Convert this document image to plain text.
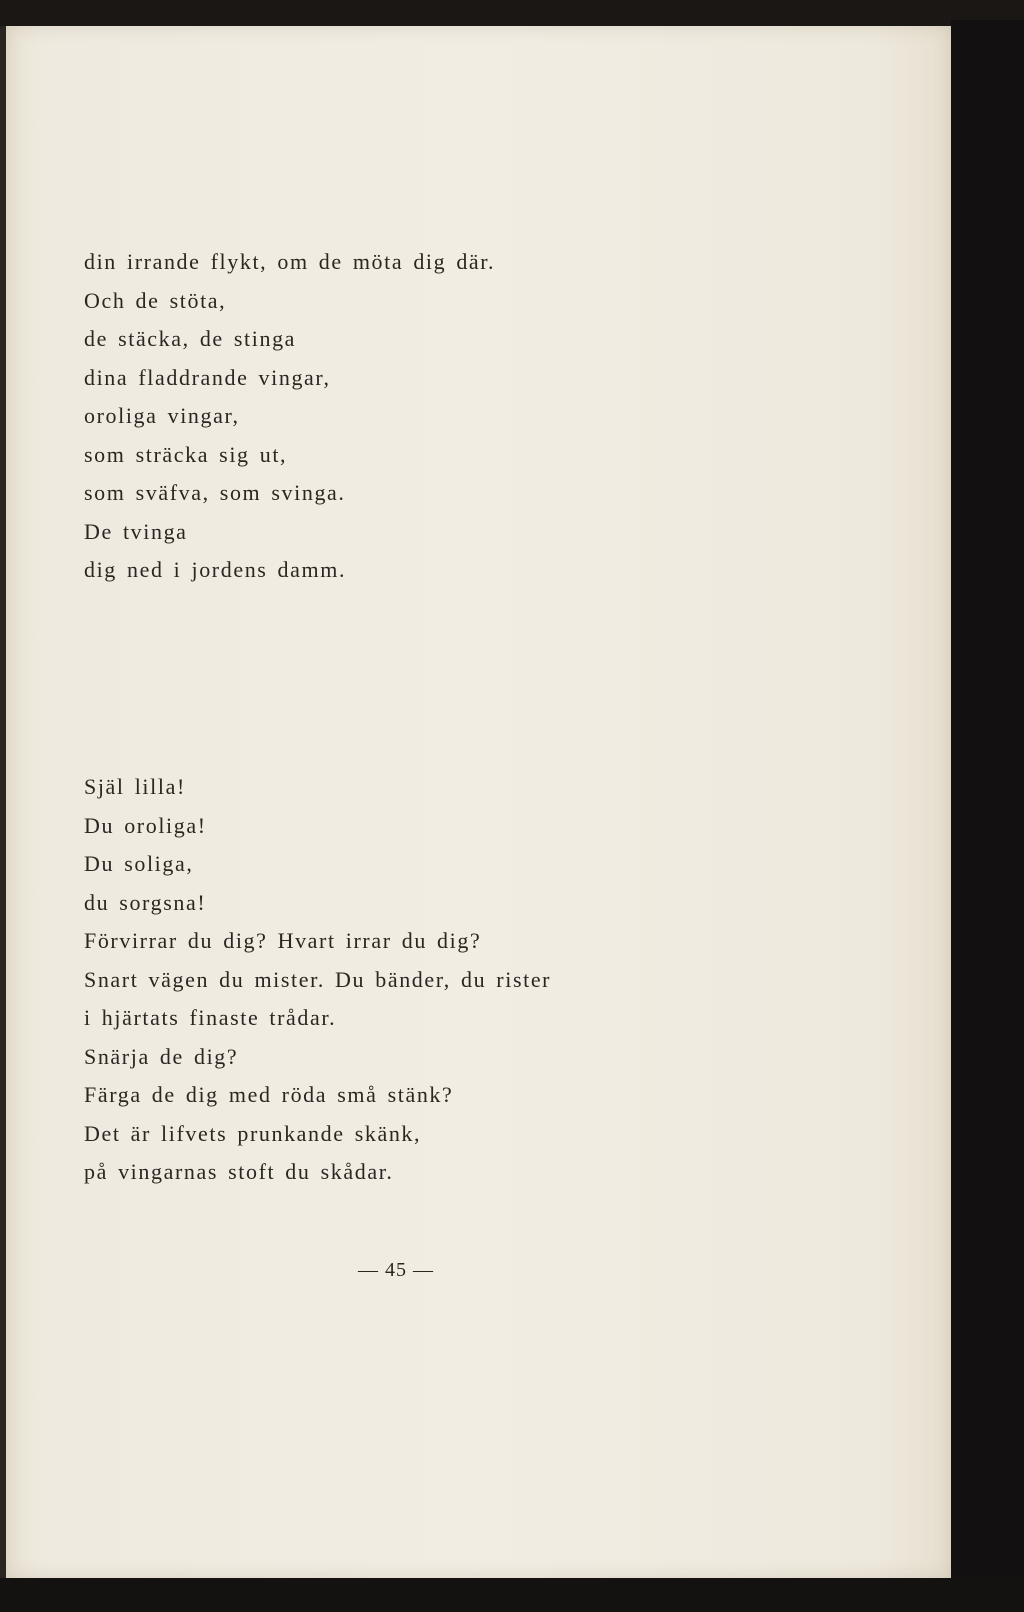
din irrande flykt, om de möta dig där.
Och de stöta,
de stäcka, de stinga
dina fladdrande vingar,
oroliga vingar,
som sträcka sig ut,
som sväfva, som svinga.
De tvinga
dig ned i jordens damm.
Själ lilla!
Du oroliga!
Du soliga,
du sorgsna!
Förvirrar du dig? Hvart irrar du dig?
Snart vägen du mister. Du bänder, du rister
i hjärtats finaste trådar.
Snärja de dig?
Färga de dig med röda små stänk?
Det är lifvets prunkande skänk,
på vingarnas stoft du skådar.
— 45 —
